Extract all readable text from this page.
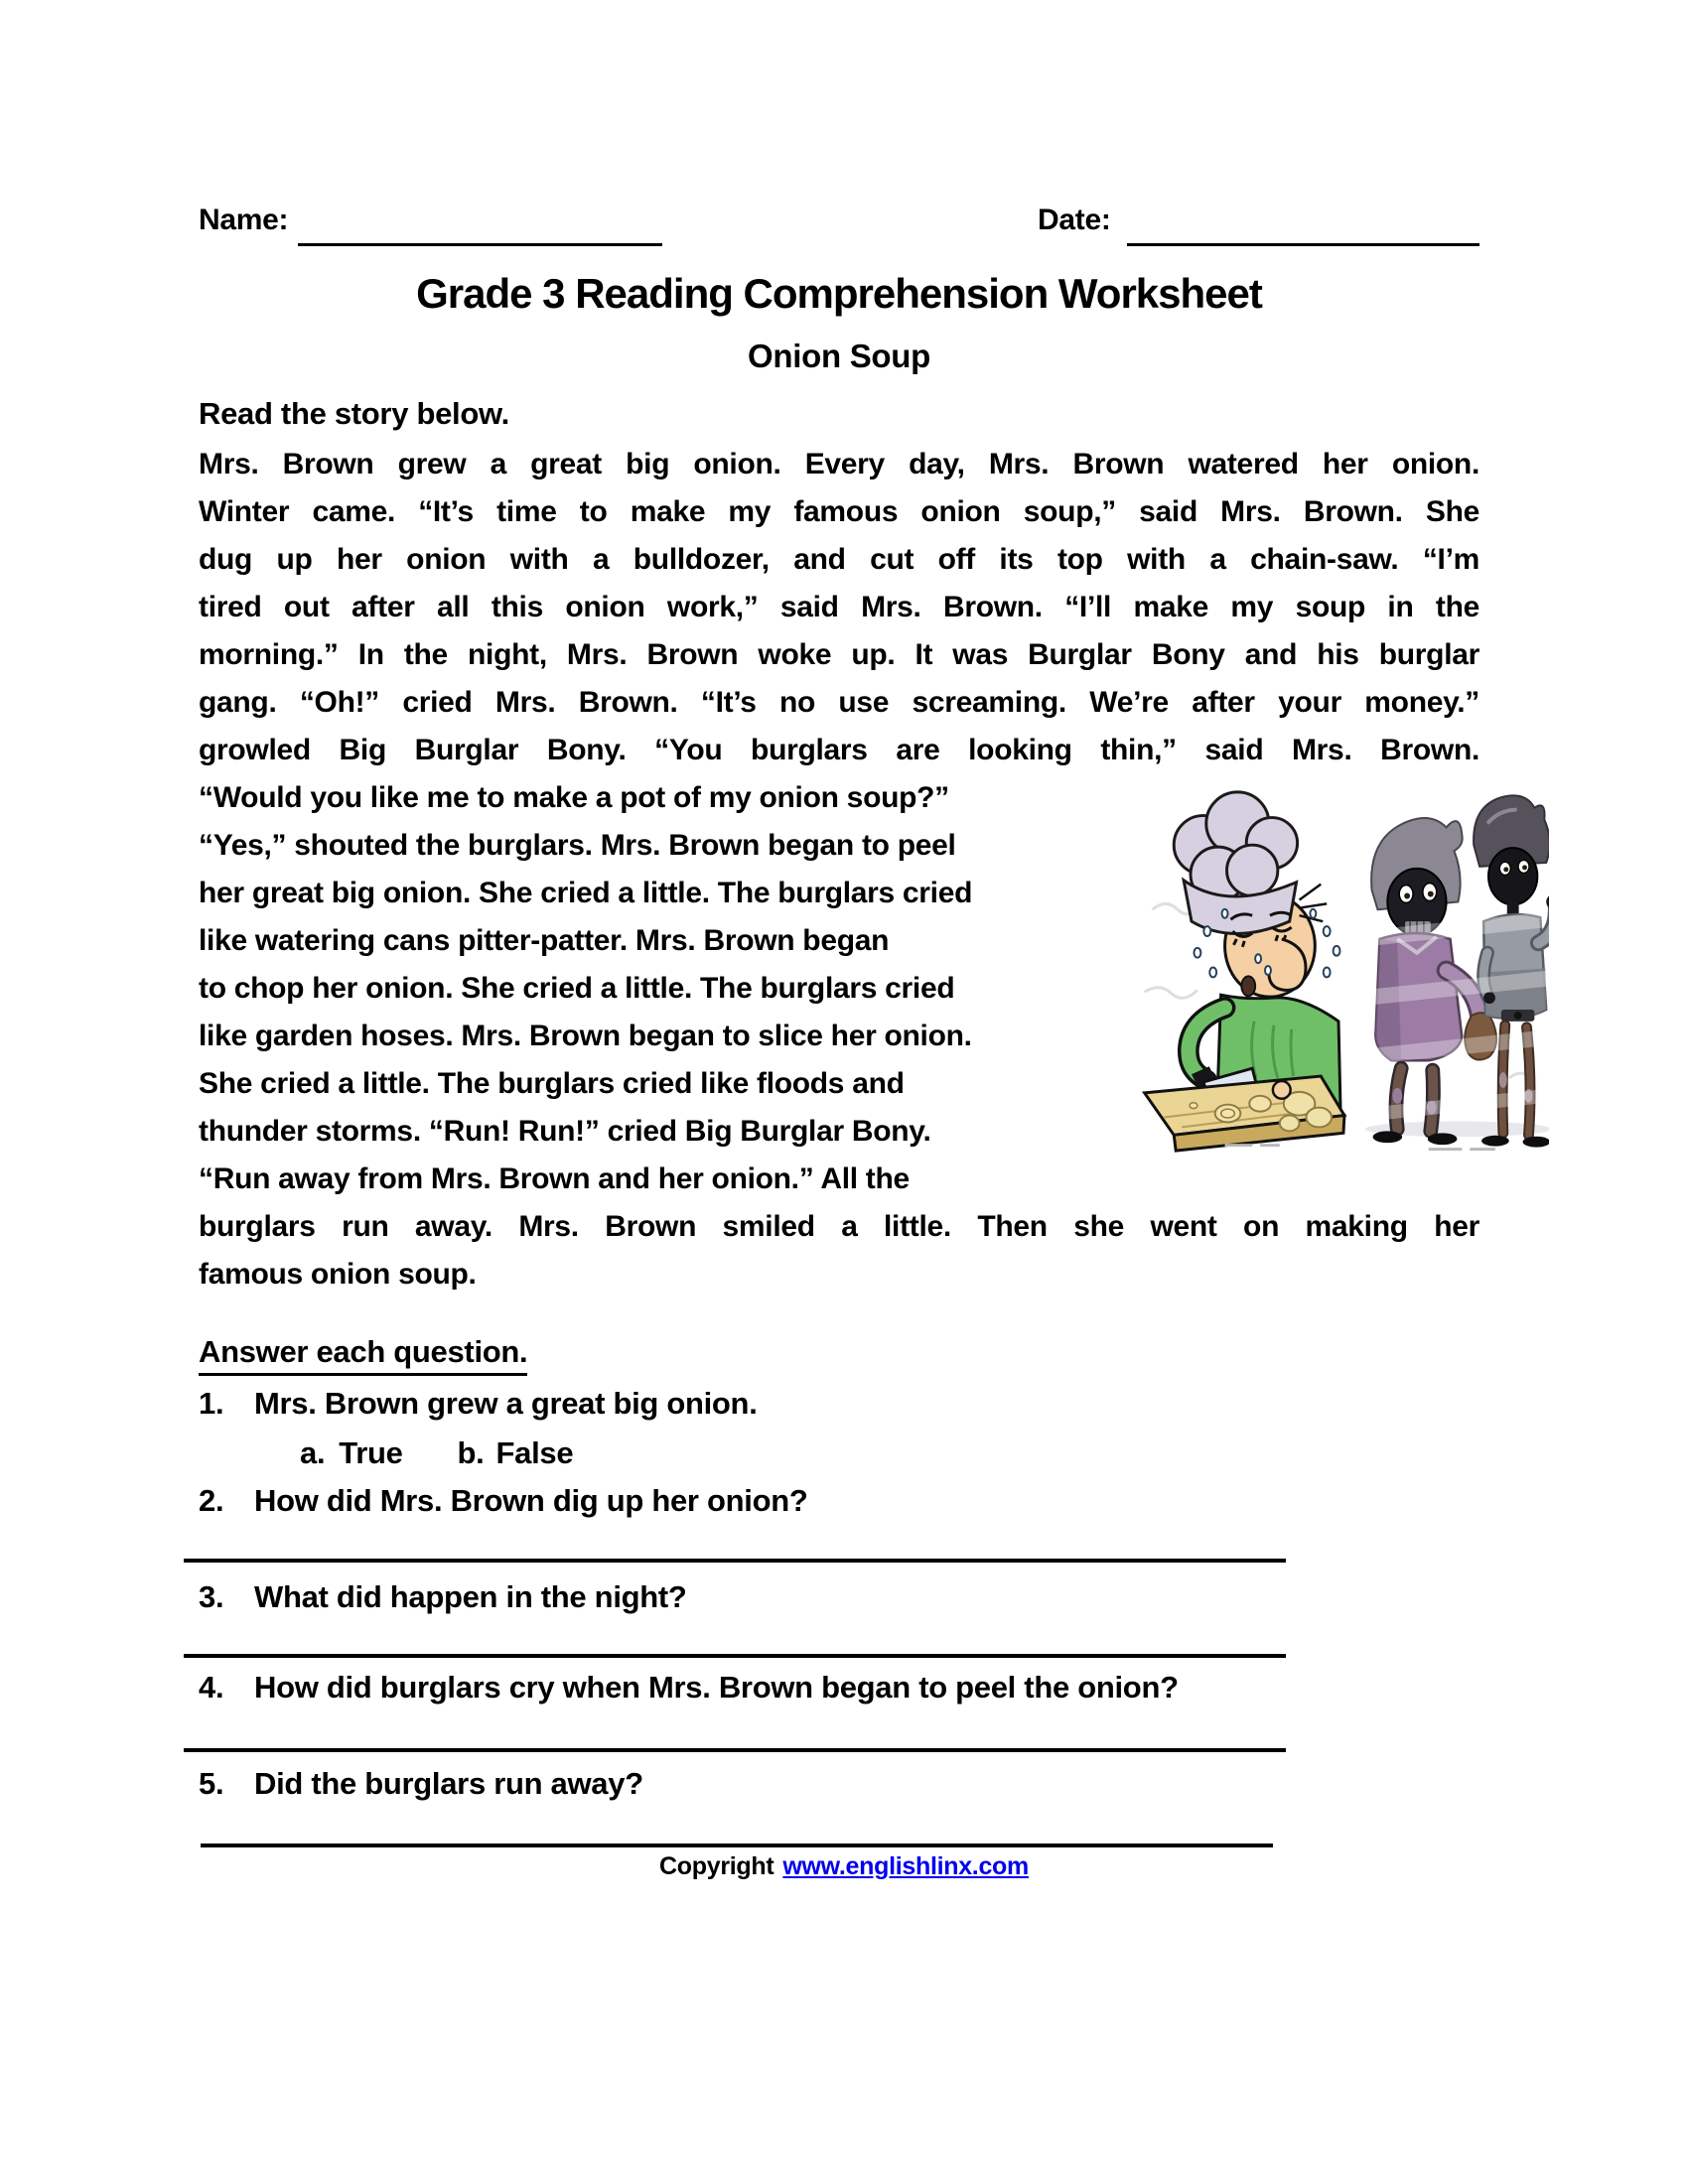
Name:	Date:
Grade 3 Reading Comprehension Worksheet
Onion Soup
Read the story below.
Mrs. Brown grew a great big onion. Every day, Mrs. Brown watered her onion.
Winter came. “It’s time to make my famous onion soup,” said Mrs. Brown. She
dug up her onion with a bulldozer, and cut off its top with a chain-saw. “I’m
tired out after all this onion work,” said Mrs. Brown. “I’ll make my soup in the
morning.” In the night, Mrs. Brown woke up. It was Burglar Bony and his burglar
gang. “Oh!” cried Mrs. Brown. “It’s no use screaming. We’re after your money.”
growled Big Burglar Bony. “You burglars are looking thin,” said Mrs. Brown.
“Would you like me to make a pot of my onion soup?”
“Yes,” shouted the burglars. Mrs. Brown began to peel
her great big onion. She cried a little. The burglars cried
like watering cans pitter-patter. Mrs. Brown began
to chop her onion. She cried a little. The burglars cried
like garden hoses. Mrs. Brown began to slice her onion.
She cried a little. The burglars cried like floods and
thunder storms. “Run! Run!” cried Big Burglar Bony.
“Run away from Mrs. Brown and her onion.” All the
burglars run away. Mrs. Brown smiled a little. Then she went on making her
famous onion soup.
Answer each question.
1. Mrs. Brown grew a great big onion.
a. True b. False
2. How did Mrs. Brown dig up her onion?
3. What did happen in the night?
4. How did burglars cry when Mrs. Brown began to peel the onion?
5. Did the burglars run away?
Copyright www.englishlinx.com
